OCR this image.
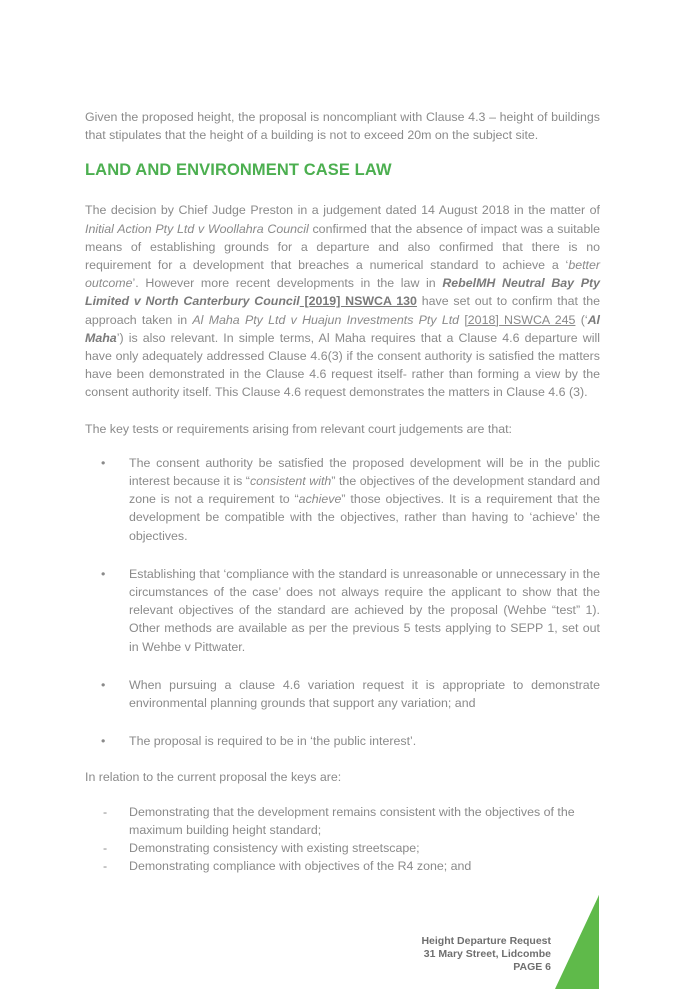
Given the proposed height, the proposal is noncompliant with Clause 4.3 – height of buildings that stipulates that the height of a building is not to exceed 20m on the subject site.

LAND AND ENVIRONMENT CASE LAW

The decision by Chief Judge Preston in a judgement dated 14 August 2018 in the matter of Initial Action Pty Ltd v Woollahra Council confirmed that the absence of impact was a suitable means of establishing grounds for a departure and also confirmed that there is no requirement for a development that breaches a numerical standard to achieve a ‘better outcome’. However more recent developments in the law in RebelMH Neutral Bay Pty Limited v North Canterbury Council [2019] NSWCA 130 have set out to confirm that the approach taken in Al Maha Pty Ltd v Huajun Investments Pty Ltd [2018] NSWCA 245 (‘Al Maha’) is also relevant. In simple terms, Al Maha requires that a Clause 4.6 departure will have only adequately addressed Clause 4.6(3) if the consent authority is satisfied the matters have been demonstrated in the Clause 4.6 request itself- rather than forming a view by the consent authority itself. This Clause 4.6 request demonstrates the matters in Clause 4.6 (3).

The key tests or requirements arising from relevant court judgements are that:

• The consent authority be satisfied the proposed development will be in the public interest because it is “consistent with” the objectives of the development standard and zone is not a requirement to “achieve” those objectives. It is a requirement that the development be compatible with the objectives, rather than having to ‘achieve’ the objectives.
• Establishing that ‘compliance with the standard is unreasonable or unnecessary in the circumstances of the case’ does not always require the applicant to show that the relevant objectives of the standard are achieved by the proposal (Wehbe “test” 1). Other methods are available as per the previous 5 tests applying to SEPP 1, set out in Wehbe v Pittwater.
• When pursuing a clause 4.6 variation request it is appropriate to demonstrate environmental planning grounds that support any variation; and
• The proposal is required to be in ‘the public interest’.

In relation to the current proposal the keys are:

- Demonstrating that the development remains consistent with the objectives of the maximum building height standard;
- Demonstrating consistency with existing streetscape;
- Demonstrating compliance with objectives of the R4 zone; and
Height Departure Request
31 Mary Street, Lidcombe
PAGE 6
